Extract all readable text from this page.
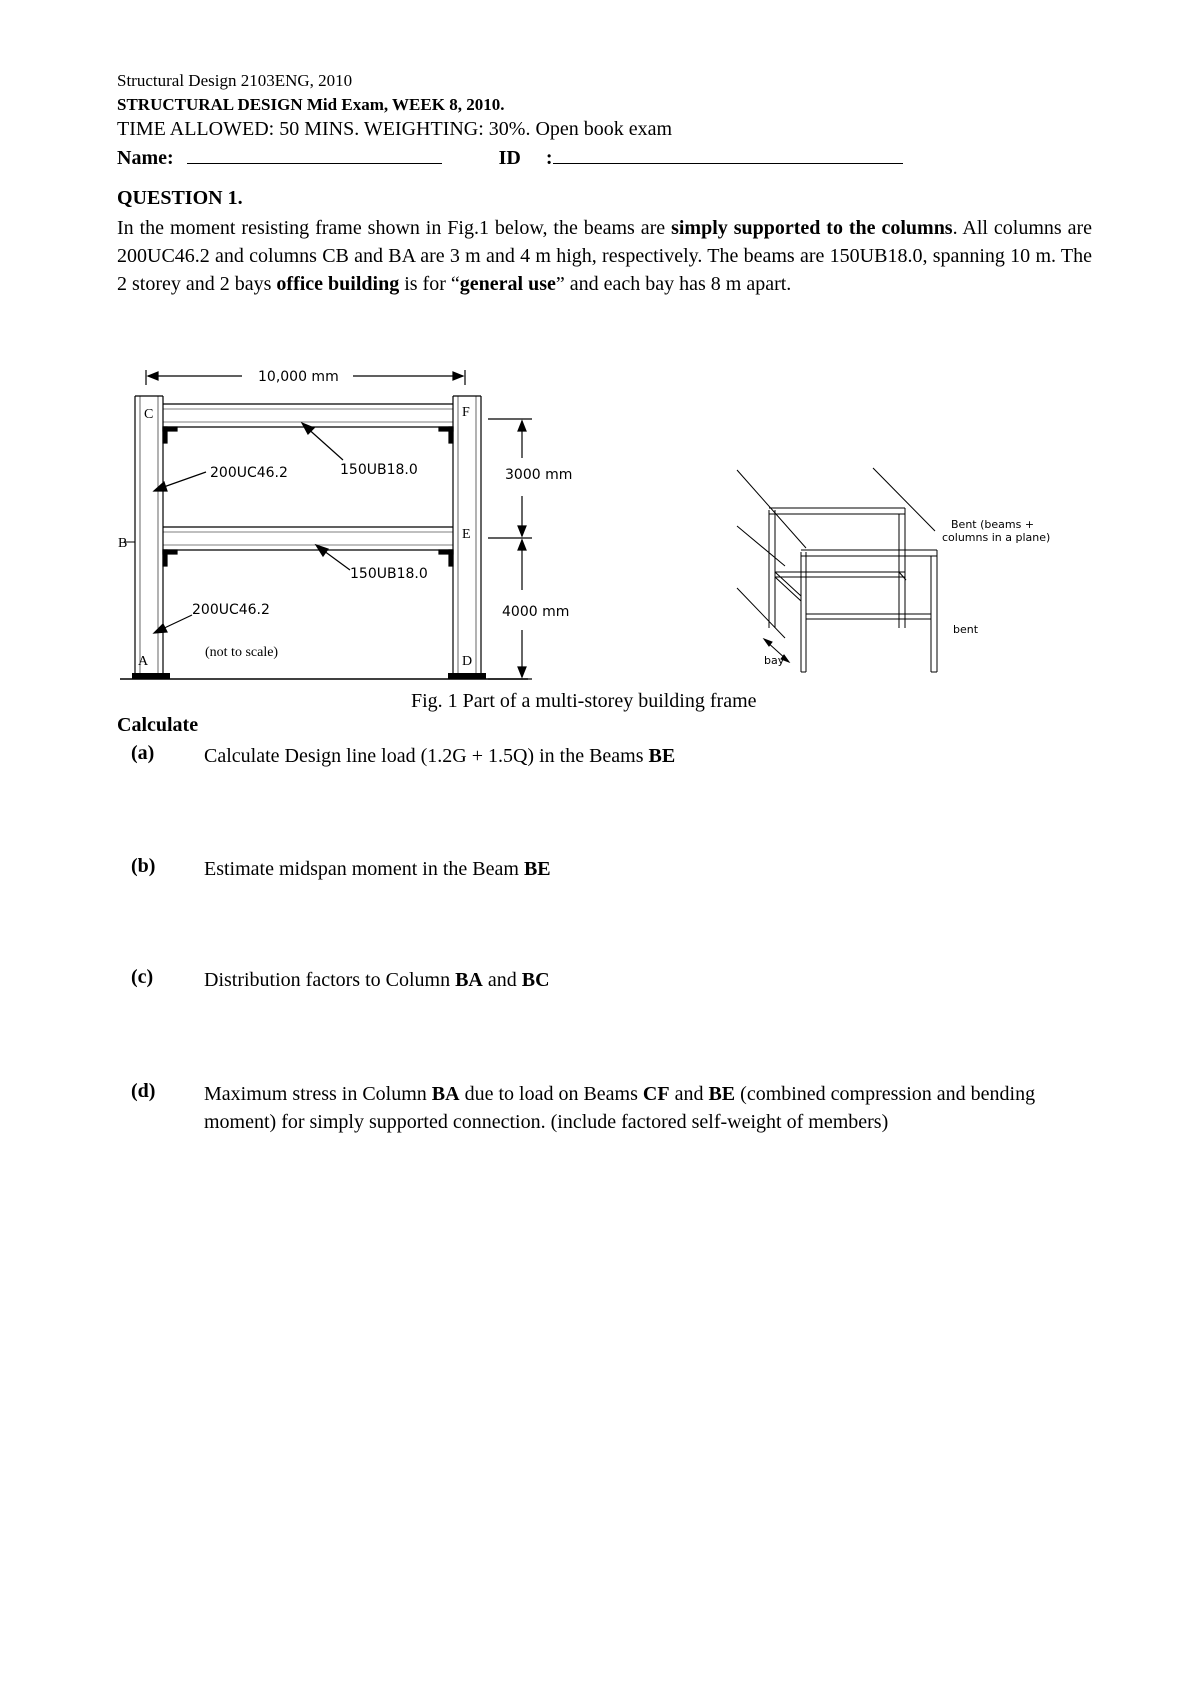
Structural Design 2103ENG, 2010
STRUCTURAL DESIGN Mid Exam, WEEK 8, 2010.
TIME ALLOWED: 50 MINS. WEIGHTING: 30%. Open book exam
Name:	ID :
QUESTION 1.
In the moment resisting frame shown in Fig.1 below, the beams are simply supported to the columns. All columns are 200UC46.2 and columns CB and BA are 3 m and 4 m high, respectively. The beams are 150UB18.0, spanning 10 m. The 2 storey and 2 bays office building is for “general use” and each bay has 8 m apart.
10,000 mm
C	F
B
E
A	D
200UC46.2	150UB18.0
150UB18.0
200UC46.2
(not to scale)
3000 mm
4000 mm
Bent (beams +
columns in a plane)
bent
bay
Fig. 1 Part of a multi-storey building frame
Calculate
(a) Calculate Design line load (1.2G + 1.5Q) in the Beams BE
(b) Estimate midspan moment in the Beam BE
(c)	Distribution factors to Column BA and BC
(d) Maximum stress in Column BA due to load on Beams CF and BE (combined compression and bending moment) for simply supported connection. (include factored self-weight of members)
